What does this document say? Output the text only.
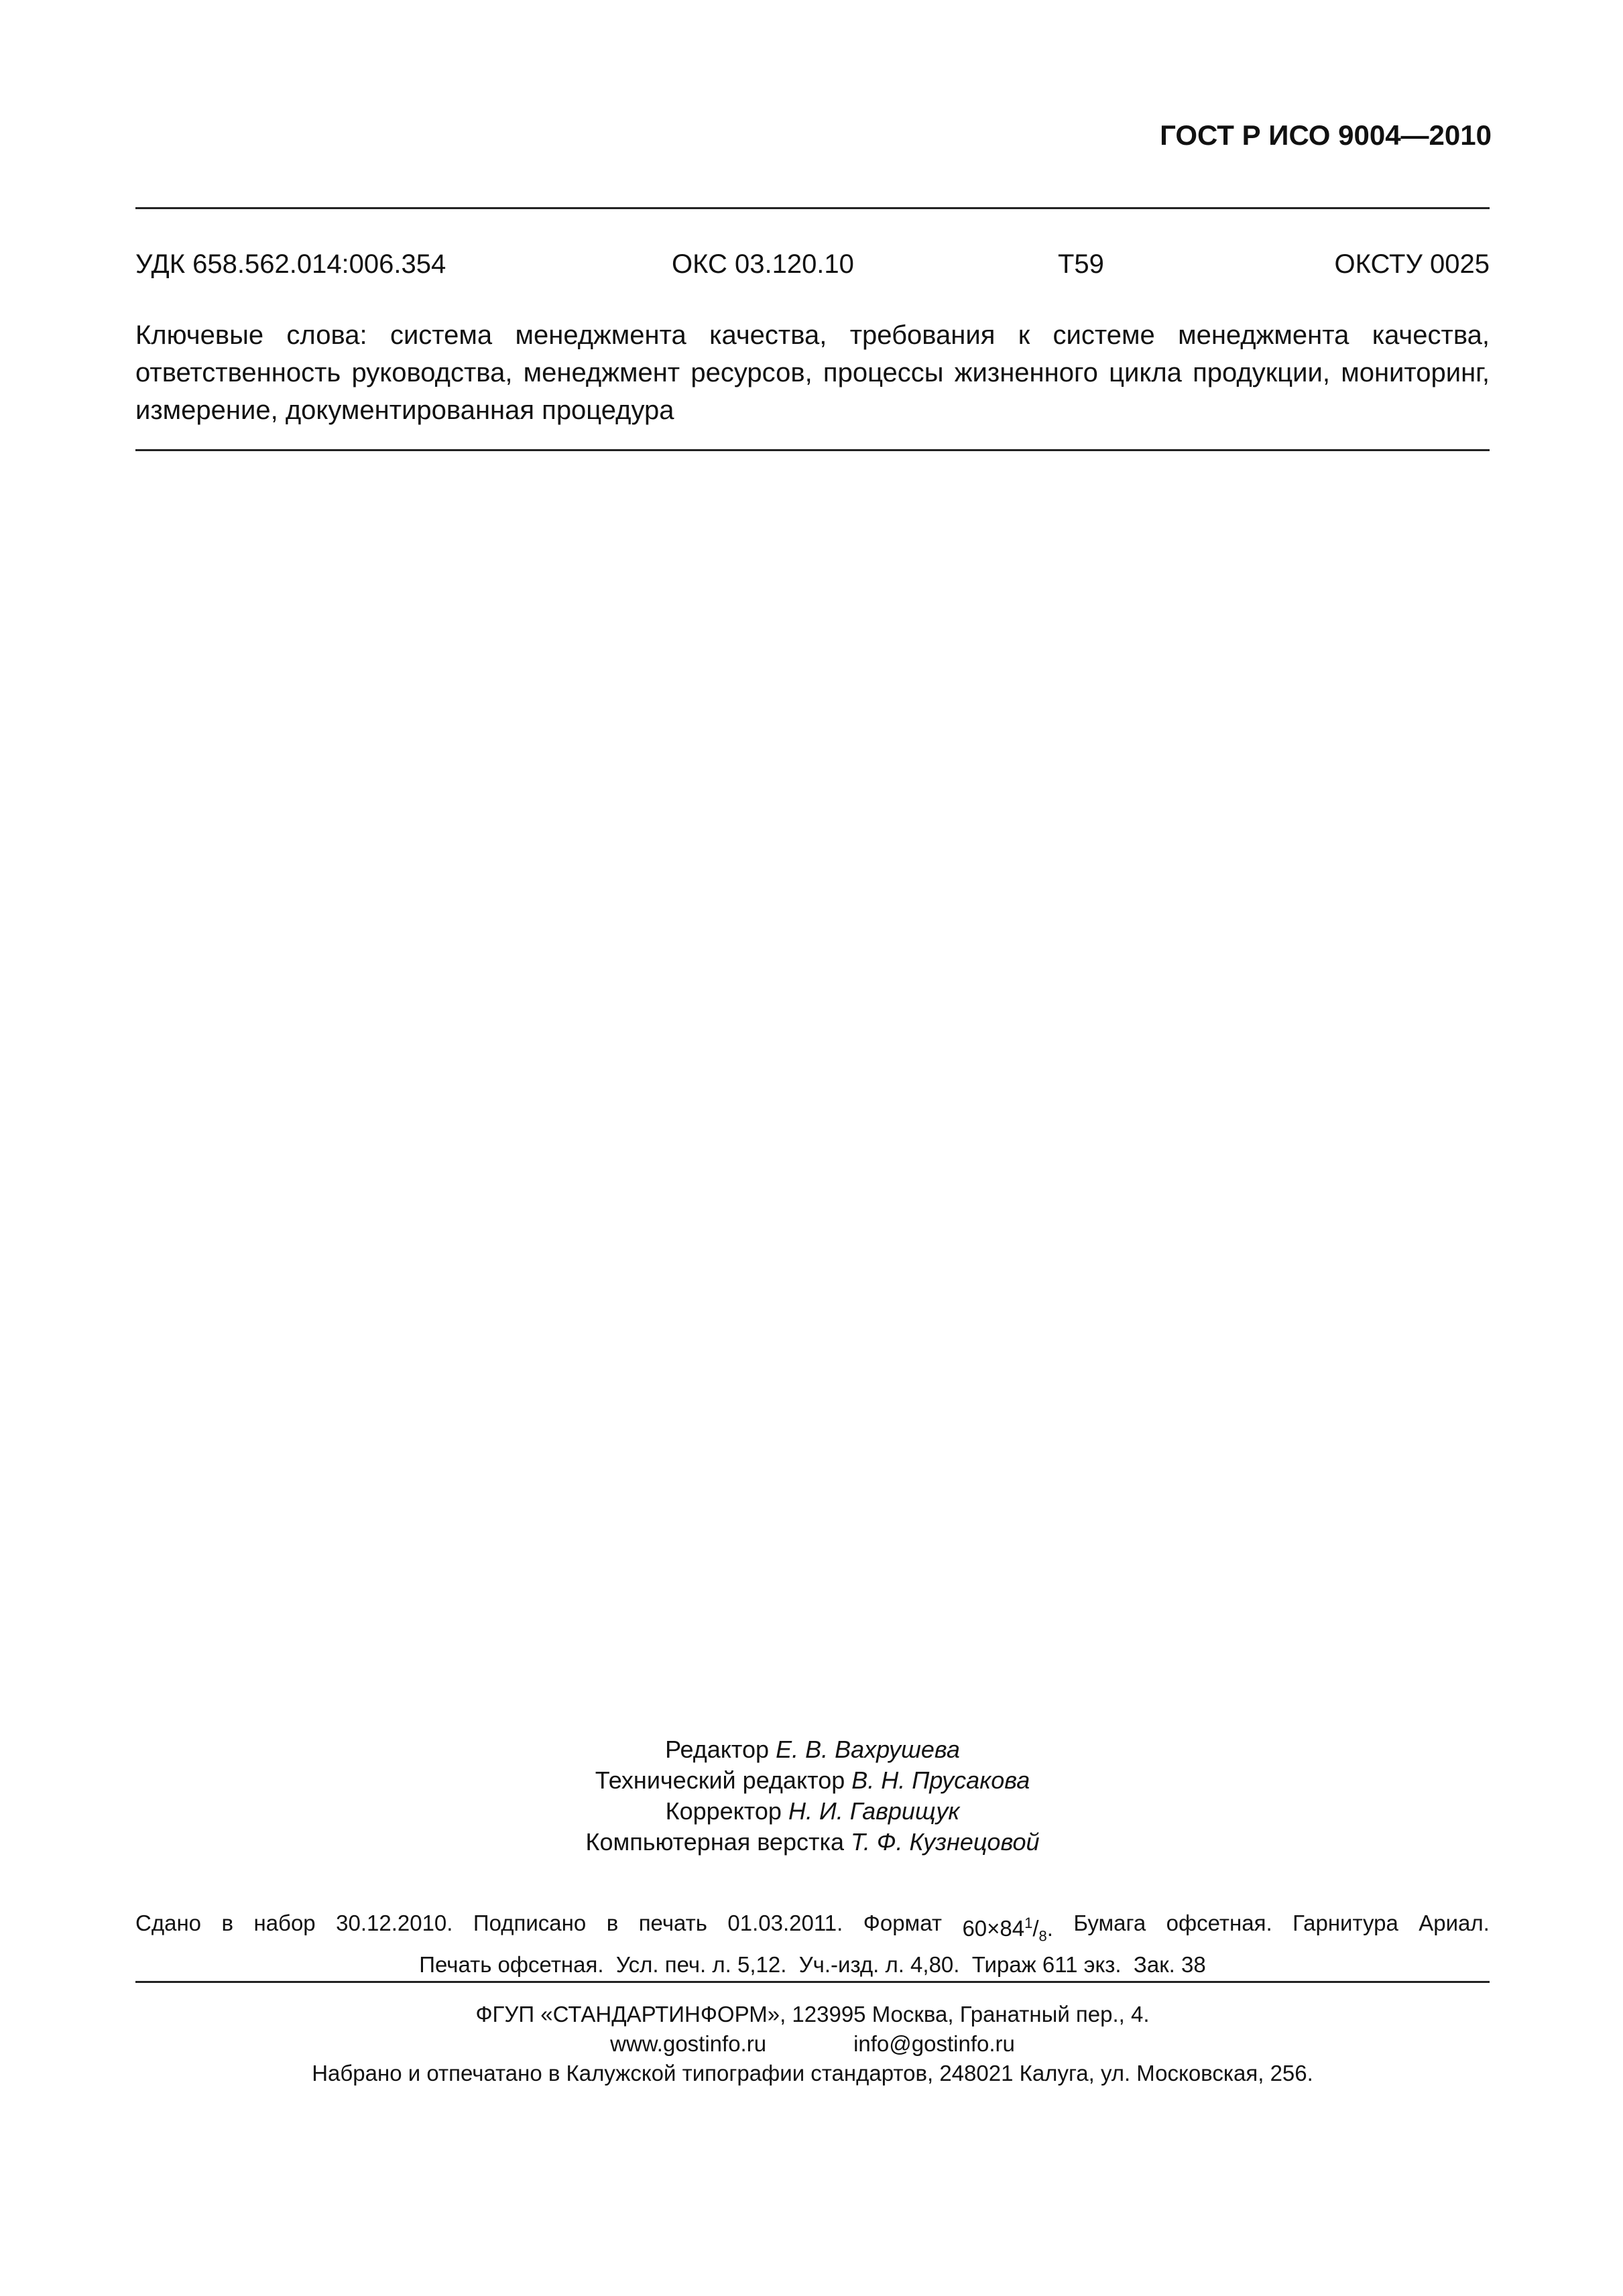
ГОСТ Р ИСО 9004—2010
УДК 658.562.014:006.354	ОКС 03.120.10	Т59	ОКСТУ 0025
Ключевые слова: система менеджмента качества, требования к системе менеджмента качества, ответственность руководства, менеджмент ресурсов, процессы жизненного цикла продукции, мониторинг, измерение, документированная процедура
Редактор Е. В. Вахрушева
Технический редактор В. Н. Прусакова
Корректор Н. И. Гаврищук
Компьютерная верстка Т. Ф. Кузнецовой
Сдано в набор 30.12.2010. Подписано в печать 01.03.2011. Формат $60\times 84^1/_8$. Бумага офсетная. Гарнитура Ариал.
Печать офсетная.  Усл. печ. л. 5,12.  Уч.-изд. л. 4,80.  Тираж 611 экз.  Зак. 38
ФГУП «СТАНДАРТИНФОРМ», 123995 Москва, Гранатный пер., 4.
www.gostinfo.ru	info@gostinfo.ru
Набрано и отпечатано в Калужской типографии стандартов, 248021 Калуга, ул. Московская, 256.
